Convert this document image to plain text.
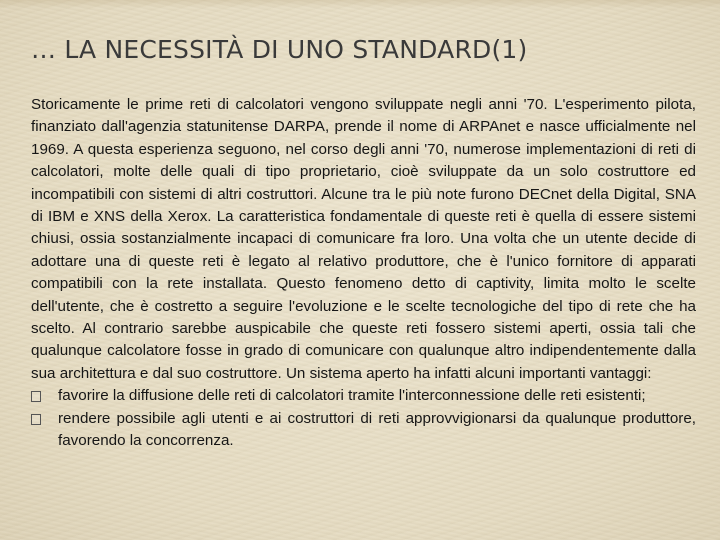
… LA NECESSITÀ DI UNO STANDARD(1)

Storicamente le prime reti di calcolatori vengono sviluppate negli anni '70. L'esperimento pilota, finanziato dall'agenzia statunitense DARPA, prende il nome di ARPAnet e nasce ufficialmente nel 1969. A questa esperienza seguono, nel corso degli anni '70, numerose implementazioni di reti di calcolatori, molte delle quali di tipo proprietario, cioè sviluppate da un solo costruttore ed incompatibili con sistemi di altri costruttori. Alcune tra le più note furono DECnet della Digital, SNA di IBM e XNS della Xerox. La caratteristica fondamentale di queste reti è quella di essere sistemi chiusi, ossia sostanzialmente incapaci di comunicare fra loro. Una volta che un utente decide di adottare una di queste reti è legato al relativo produttore, che è l'unico fornitore di apparati compatibili con la rete installata. Questo fenomeno detto di captivity, limita molto le scelte dell'utente, che è costretto a seguire l'evoluzione e le scelte tecnologiche del tipo di rete che ha scelto. Al contrario sarebbe auspicabile che queste reti fossero sistemi aperti, ossia tali che qualunque calcolatore fosse in grado di comunicare con qualunque altro indipendentemente dalla sua architettura e dal suo costruttore. Un sistema aperto ha infatti alcuni importanti vantaggi:

favorire la diffusione delle reti di calcolatori tramite l'interconnessione delle reti esistenti;
rendere possibile agli utenti e ai costruttori di reti approvvigionarsi da qualunque produttore, favorendo la concorrenza.
